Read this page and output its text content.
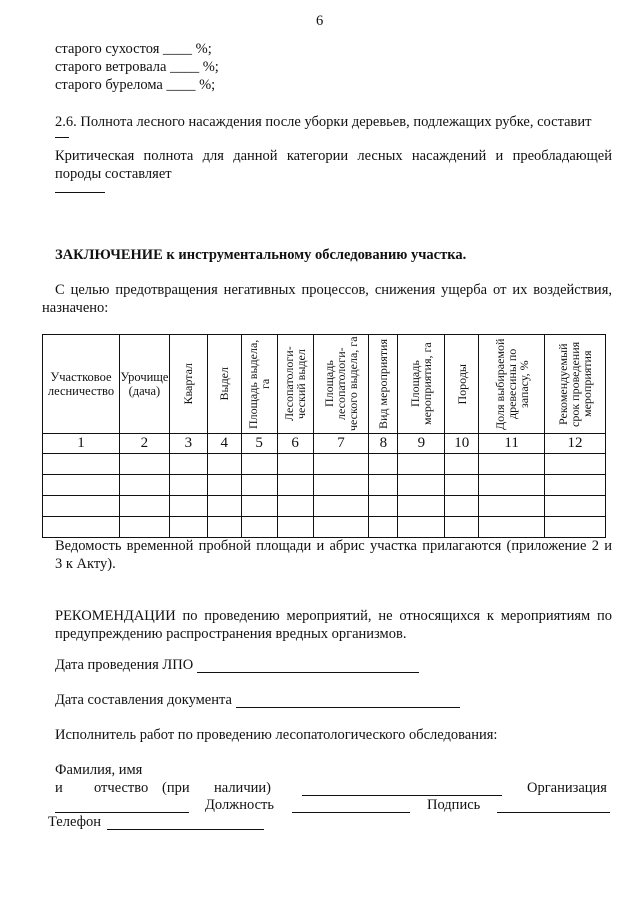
6
старого сухостоя ____ %;
старого ветровала ____ %;
старого бурелома ____ %;
2.6. Полнота лесного насаждения после уборки деревьев, подлежащих рубке, составит
Критическая полнота для данной категории лесных насаждений и преобладающей
породы составляет
ЗАКЛЮЧЕНИЕ к инструментальному обследованию участка.
С целью предотвращения негативных процессов, снижения ущерба от их воздействия,
назначено:
Участковое лесничество	Урочище (дача)	Квартал	Выдел	Площадь выдела, га	Лесопатологи-ческий выдел	Площадь лесопатологи-ческого выдела, га	Вид мероприятия	Площадь мероприятия, га	Породы	Доля выбираемой древесины по запасу, %	Рекомендуемый срок проведения мероприятия

1	2	3	4	5	6	7	8	9	10	11	12

Ведомость временной пробной площади и абрис участка прилагаются (приложение 2 и
3 к Акту).
РЕКОМЕНДАЦИИ по проведению мероприятий, не относящихся к мероприятиям по
предупреждению распространения вредных организмов.
Дата проведения ЛПО
Дата составления документа
Исполнитель работ по проведению лесопатологического обследования:
Фамилия, имя
и отчество (при наличии)	Организация
Должность	Подпись
Телефон
